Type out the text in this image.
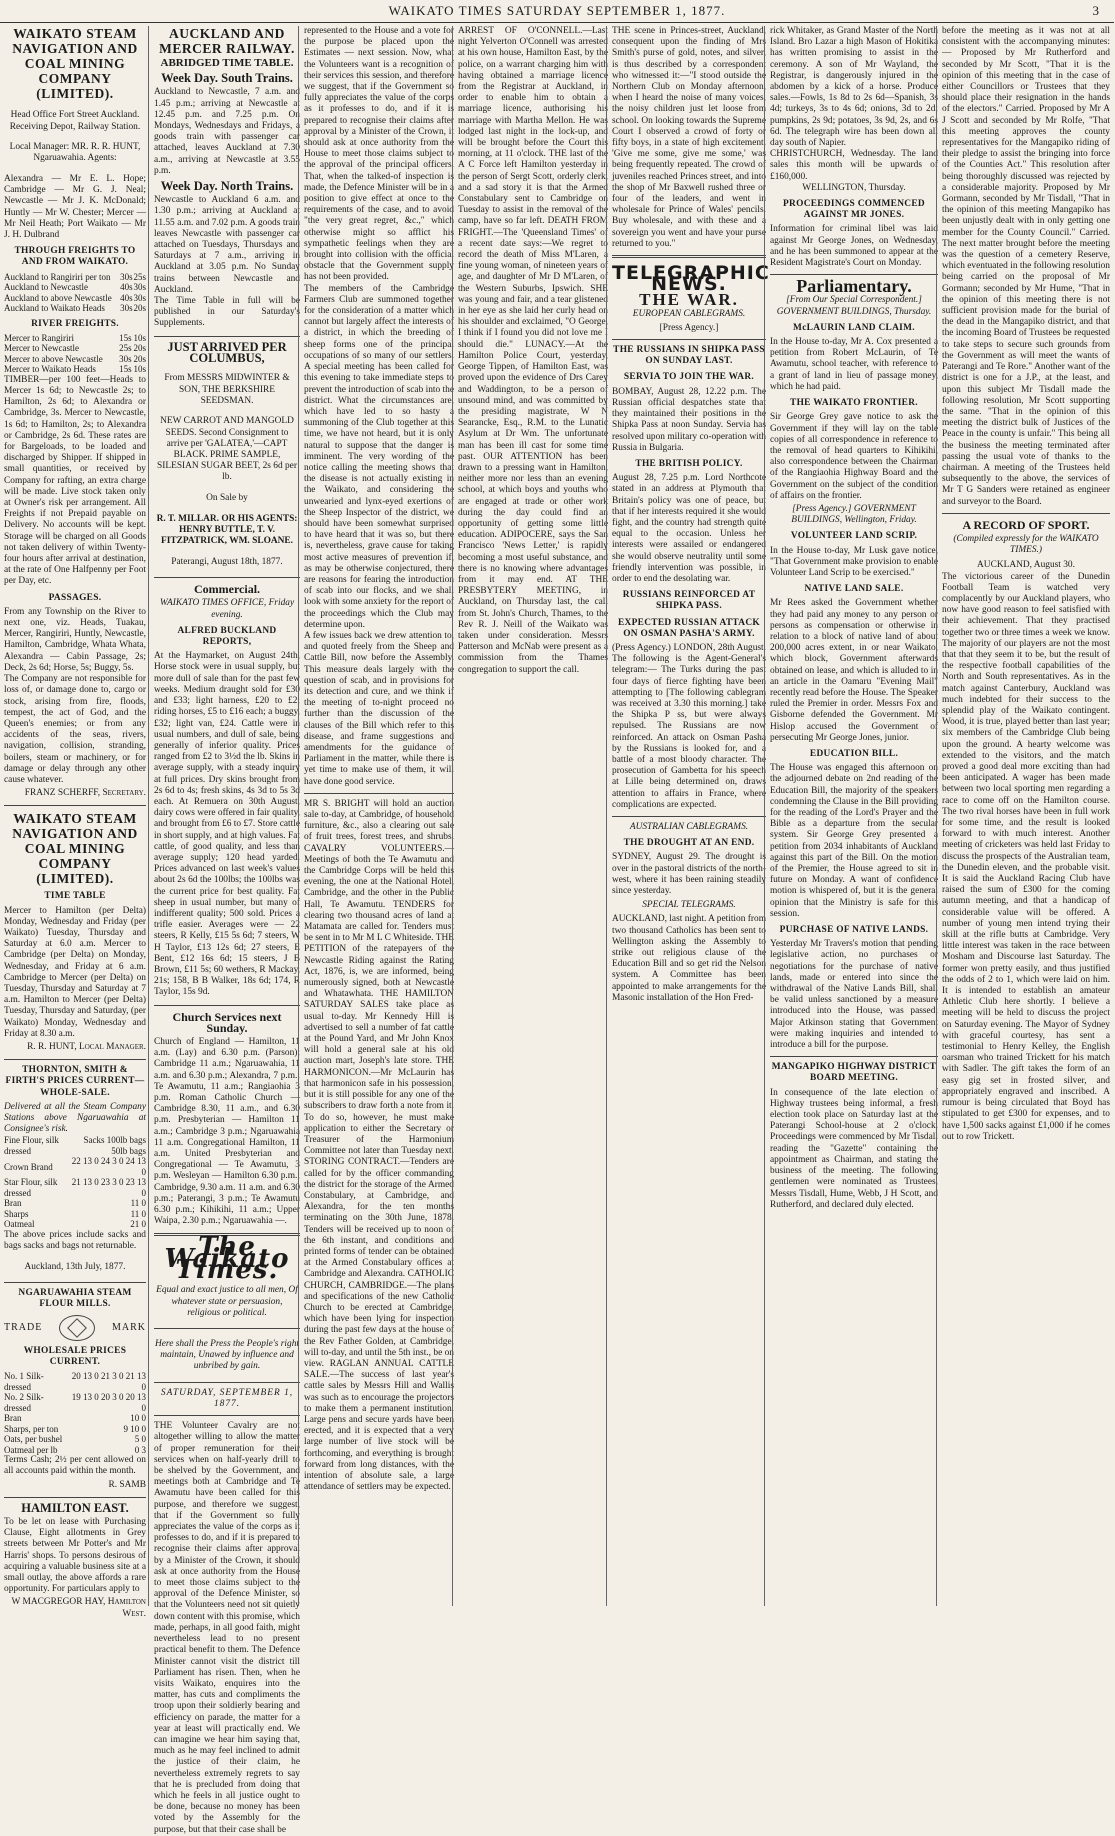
WAIKATO TIMES SATURDAY SEPTEMBER 1, 1877.	3
WAIKATO STEAM NAVIGATION AND COAL MINING COMPANY (LIMITED).

Head Office Fort Street Auckland. Receiving Depot, Railway Station.

Local Manager: MR. R. R. HUNT, Ngaruawahia. Agents:

Alexandra — Mr E. L. Hope; Cambridge — Mr G. J. Neal; Newcastle — Mr J. K. McDonald; Huntly — Mr W. Chester; Mercer — Mr Neil Heath; Port Waikato — Mr J. H. Dulbrand

THROUGH FREIGHTS TO AND FROM WAIKATO.
Auckland to Rangiriri per ton	30s	25s
Auckland to Newcastle	40s	30s
Auckland to above Newcastle	40s	30s
Auckland to Waikato Heads	30s	20s
RIVER FREIGHTS.
Mercer to Rangiriri	15s	10s
Mercer to Newcastle	25s	20s
Mercer to above Newcastle	30s	20s
Mercer to Waikato Heads	15s	10s

TIMBER—per 100 feet—Heads to Mercer 1s 6d; to Newcastle 2s; to Hamilton, 2s 6d; to Alexandra or Cambridge, 3s. Mercer to Newcastle, 1s 6d; to Hamilton, 2s; to Alexandra or Cambridge, 2s 6d. These rates are for Bargeloads, to be loaded and discharged by Shipper. If shipped in small quantities, or received by Company for rafting, an extra charge will be made. Live stock taken only at Owner's risk per arrangement. All Freights if not Prepaid payable on Delivery. No accounts will be kept. Storage will be charged on all Goods not taken delivery of within Twenty-four hours after arrival at destination, at the rate of One Halfpenny per Foot per Day, etc.

PASSAGES.

From any Township on the River to next one, viz. Heads, Tuakau, Mercer, Rangiriri, Huntly, Newcastle, Hamilton, Cambridge, Whata Whata, Alexandra — Cabin Passage, 2s; Deck, 2s 6d; Horse, 5s; Buggy, 5s.

The Company are not responsible for loss of, or damage done to, cargo or stock, arising from fire, floods, tempest, the act of God, and the Queen's enemies; or from any accidents of the seas, rivers, navigation, collision, stranding, boilers, steam or machinery, or for damage or delay through any other cause whatever.

FRANZ SCHERFF, Secretary.
WAIKATO STEAM NAVIGATION AND COAL MINING COMPANY (LIMITED).
TIME TABLE

Mercer to Hamilton (per Delta) Monday, Wednesday and Friday (per Waikato) Tuesday, Thursday and Saturday at 6.0 a.m. Mercer to Cambridge (per Delta) on Monday, Wednesday, and Friday at 6 a.m. Cambridge to Mercer (per Delta) on Tuesday, Thursday and Saturday at 7 a.m. Hamilton to Mercer (per Delta) Tuesday, Thursday and Saturday, (per Waikato) Monday, Wednesday and Friday at 8.30 a.m.

R. R. HUNT, Local Manager.
THORNTON, SMITH & FIRTH'S PRICES CURRENT—WHOLE-SALE.

Delivered at all the Steam Company Stations above Ngaruawahia at Consignee's risk.

Fine Flour, silk dressed	Sacks 100lb bags 50lb bags
Crown Brand	22 13 0 24 3 0 24 13 0
Star Flour, silk dressed	21 13 0 23 3 0 23 13 0
Bran	11 0
Sharps	11 0
Oatmeal	21 0

The above prices include sacks and bags sacks and bags not returnable.

Auckland, 13th July, 1877.

NGARUAWAHIA STEAM FLOUR MILLS.
TRADE	MARK
WHOLESALE PRICES CURRENT.
No. 1 Silk-dressed	20 13 0 21 3 0 21 13 0
No. 2 Silk-dressed	19 13 0 20 3 0 20 13 0
Bran	10 0
Sharps, per ton	9 10 0
Oats, per bushel	5 0
Oatmeal per lb	0 3

Terms Cash; 2½ per cent allowed on all accounts paid within the month.

R. SAMB
HAMILTON EAST.

To be let on lease with Purchasing Clause, Eight allotments in Grey streets between Mr Potter's and Mr Harris' shops. To persons desirous of acquiring a valuable business site at a small outlay, the above affords a rare opportunity. For particulars apply to

W MACGREGOR HAY, Hamilton West.
AUCKLAND AND MERCER RAILWAY.
ABRIDGED TIME TABLE.
Week Day. South Trains.

Auckland to Newcastle, 7 a.m. and 1.45 p.m.; arriving at Newcastle at 12.45 p.m. and 7.25 p.m. On Mondays, Wednesdays and Fridays, a goods train with passenger car attached, leaves Auckland at 7.30 a.m., arriving at Newcastle at 3.55 p.m.

Week Day. North Trains.

Newcastle to Auckland 6 a.m. and 1.30 p.m.; arriving at Auckland at 11.55 a.m. and 7.02 p.m. A goods train leaves Newcastle with passenger car attached on Tuesdays, Thursdays and Saturdays at 7 a.m., arriving in Auckland at 3.05 p.m. No Sunday trains between Newcastle and Auckland.

The Time Table in full will be published in our Saturday's Supplements.

JUST ARRIVED PER COLUMBUS,

From MESSRS MIDWINTER & SON, THE BERKSHIRE SEEDSMAN.

NEW CARROT AND MANGOLD SEEDS. Second Consignment to arrive per 'GALATEA,'—CAPT BLACK. PRIME SAMPLE, SILESIAN SUGAR BEET, 2s 6d per lb.

On Sale by

R. T. MILLAR. OR HIS AGENTS: HENRY BUTTLE, T. V. FITZPATRICK, WM. SLOANE.

Paterangi, August 18th, 1877.

Commercial.
WAIKATO TIMES OFFICE, Friday evening.
ALFRED BUCKLAND REPORTS,

At the Haymarket, on August 24th, Horse stock were in usual supply, but more dull of sale than for the past few weeks. Medium draught sold for £30 and £33; light harness, £20 to £2; riding horses, £5 to £16 each; a buggy, £32; light van, £24. Cattle were in usual numbers, and dull of sale, being generally of inferior quality. Prices ranged from £2 to 3½d the lb. Skins in average supply, with a steady inquiry at full prices. Dry skins brought from 2s 6d to 4s; fresh skins, 4s 3d to 5s 3d each. At Remuera on 30th August, dairy cows were offered in fair quality, and brought from £6 to £7. Store cattle in short supply, and at high values. Fat cattle, of good quality, and less than average supply; 120 head yarded. Prices advanced on last week's values about 2s 6d the 100lbs; the 100lbs was the current price for best quality. Fat sheep in usual number, but many of indifferent quality; 500 sold. Prices a trifle easier. Averages were — 22 steers, R Kelly, £15 5s 6d; 7 steers, W H Taylor, £13 12s 6d; 27 steers, E Bent, £12 16s 6d; 15 steers, J B Brown, £11 5s; 60 wethers, R Mackay, 21s; 158, B B Walker, 18s 6d; 174, R Taylor, 15s 9d.

Church Services next Sunday.

Church of England — Hamilton, 11 a.m. (Lay) and 6.30 p.m. (Parson); Cambridge 11 a.m.; Ngaruawahia, 11 a.m. and 6.30 p.m.; Alexandra, 7 p.m.; Te Awamutu, 11 a.m.; Rangiaohia 3 p.m. Roman Catholic Church — Cambridge 8.30, 11 a.m., and 6.30 p.m. Presbyterian — Hamilton 11 a.m.; Cambridge 3 p.m.; Ngaruawahia 11 a.m. Congregational Hamilton, 11 a.m. United Presbyterian and Congregational — Te Awamutu, 3 p.m. Wesleyan — Hamilton 6.30 p.m.; Cambridge, 9.30 a.m. 11 a.m. and 6.30 p.m.; Paterangi, 3 p.m.; Te Awamutu 6.30 p.m.; Kihikihi, 11 a.m.; Upper Waipa, 2.30 p.m.; Ngaruawahia —.

The Waikato Times.

Equal and exact justice to all men, Of whatever state or persuasion, religious or political.

Here shall the Press the People's right maintain, Unawed by influence and unbribed by gain.

SATURDAY, SEPTEMBER 1, 1877.

THE Volunteer Cavalry are not altogether willing to allow the matter of proper remuneration for their services when on half-yearly drill to be shelved by the Government, and meetings both at Cambridge and Te Awamutu have been called for this purpose, and therefore we suggest, that if the Government so fully appreciates the value of the corps as it professes to do, and if it is prepared to recognise their claims after approval by a Minister of the Crown, it should ask at once authority from the House to meet those claims subject to the approval of the Defence Minister, so that the Volunteers need not sit quietly down content with this promise, which made, perhaps, in all good faith, might nevertheless lead to no present practical benefit to them. The Defence Minister cannot visit the district till Parliament has risen. Then, when he visits Waikato, enquires into the matter, has cuts and compliments the troop upon their soldierly bearing and efficiency on parade, the matter for a year at least will practically end. We can imagine we hear him saying that, much as he may feel inclined to admit the justice of their claim, he nevertheless extremely regrets to say that he is precluded from doing that which he feels in all justice ought to be done, because no money has been voted by the Assembly for the purpose, but that their case shall be

represented to the House and a vote for the purpose be placed upon the Estimates — next session. Now, what the Volunteers want is a recognition of their services this session, and therefore we suggest, that if the Government so fully appreciates the value of the corps as it professes to do, and if it is prepared to recognise their claims after approval by a Minister of the Crown, it should ask at once authority from the House to meet those claims subject to the approval of the principal officers. That, when the talked-of inspection is made, the Defence Minister will be in a position to give effect at once to the requirements of the case, and to avoid "the very great regret, &c.," which otherwise might so afflict his sympathetic feelings when they are brought into collision with the official obstacle that the Government supply has not been provided.

The members of the Cambridge Farmers Club are summoned together for the consideration of a matter which cannot but largely affect the interests of a district, in which the breeding of sheep forms one of the principal occupations of so many of our settlers. A special meeting has been called for this evening to take immediate steps to prevent the introduction of scab into the district. What the circumstances are, which have led to so hasty a summoning of the Club together at this time, we have not heard, but it is only natural to suppose that the danger is imminent. The very wording of the notice calling the meeting shows that the disease is not actually existing in the Waikato, and considering the unwearied and lynx-eyed exertions of the Sheep Inspector of the district, we should have been somewhat surprised to have heard that it was so, but there is, nevertheless, grave cause for taking most active measures of prevention if, as may be otherwise conjectured, there are reasons for fearing the introduction of scab into our flocks, and we shall look with some anxiety for the report of the proceedings which the Club may determine upon.

A few issues back we drew attention to, and quoted freely from the Sheep and Cattle Bill, now before the Assembly. This measure deals largely with the question of scab, and in provisions for its detection and cure, and we think if the meeting of to-night proceed no further than the discussion of the clauses of the Bill which refer to this disease, and frame suggestions and amendments for the guidance of Parliament in the matter, while there is yet time to make use of them, it will have done good service.

MR S. BRIGHT will hold an auction sale to-day, at Cambridge, of household furniture, &c., also a clearing out sale of fruit trees, forest trees, and shrubs. CAVALRY VOLUNTEERS.—Meetings of both the Te Awamutu and the Cambridge Corps will be held this evening, the one at the National Hotel, Cambridge, and the other in the Public Hall, Te Awamutu. TENDERS for clearing two thousand acres of land at Matamata are called for. Tenders must be sent in to Mr M L C Whiteside. THE PETITION of the ratepayers of the Newcastle Riding against the Rating Act, 1876, is, we are informed, being numerously signed, both at Newcastle and Whatawhata. THE HAMILTON SATURDAY SALES take place as usual to-day. Mr Kennedy Hill is advertised to sell a number of fat cattle at the Pound Yard, and Mr John Knox will hold a general sale at his old auction mart, Joseph's late store. THE HARMONICON.—Mr McLaurin has that harmonicon safe in his possession, but it is still possible for any one of the subscribers to draw forth a note from it. To do so, however, he must make application to either the Secretary or Treasurer of the Harmonium Committee not later than Tuesday next. STORING CONTRACT.—Tenders are called for by the officer commanding the district for the storage of the Armed Constabulary, at Cambridge, and Alexandra, for the ten months terminating on the 30th June, 1878. Tenders will be received up to noon of the 6th instant, and conditions and printed forms of tender can be obtained at the Armed Constabulary offices at Cambridge and Alexandra. CATHOLIC CHURCH, CAMBRIDGE.—The plans and specifications of the new Catholic Church to be erected at Cambridge, which have been lying for inspection during the past few days at the house of the Rev Father Golden, at Cambridge, will to-day, and until the 5th inst., be on view. RAGLAN ANNUAL CATTLE SALE.—The success of last year's cattle sales by Messrs Hill and Wallis was such as to encourage the projectors to make them a permanent institution. Large pens and secure yards have been erected, and it is expected that a very large number of live stock will be forthcoming, and everything is brought forward from long distances, with the intention of absolute sale, a large attendance of settlers may be expected.

ARREST OF O'CONNELL.—Last night Yelverton O'Connell was arrested at his own house, Hamilton East, by the police, on a warrant charging him with having obtained a marriage licence from the Registrar at Auckland, in order to enable him to obtain a marriage licence, authorising his marriage with Martha Mellon. He was lodged last night in the lock-up, and will be brought before the Court this morning, at 11 o'clock. THE last of the A C Force left Hamilton yesterday in the person of Sergt Scott, orderly clerk, and a sad story it is that the Armed Constabulary sent to Cambridge on Tuesday to assist in the removal of the camp, have so far left. DEATH FROM FRIGHT.—The 'Queensland Times' of a recent date says:—We regret to record the death of Miss M'Laren, a fine young woman, of nineteen years of age, and daughter of Mr D M'Laren, of the Western Suburbs, Ipswich. SHE was young and fair, and a tear glistened in her eye as she laid her curly head on his shoulder and exclaimed, "O George, I think if I found you did not love me I should die." LUNACY.—At the Hamilton Police Court, yesterday, George Tippen, of Hamilton East, was proved upon the evidence of Drs Carey and Waddington, to be a person of unsound mind, and was committed by the presiding magistrate, W N Searancke, Esq., R.M. to the Lunatic Asylum at Dr Wm. The unfortunate man has been ill cast for some time past. OUR ATTENTION has been drawn to a pressing want in Hamilton, neither more nor less than an evening school, at which boys and youths who are engaged at trade or other work during the day could find an opportunity of getting some little education. ADIPOCERE, says the San Francisco 'News Letter,' is rapidly becoming a most useful substance, and there is no knowing where advantages from it may end. AT THE PRESBYTERY MEETING, in Auckland, on Thursday last, the call from St. John's Church, Thames, to the Rev R. J. Neill of the Waikato was taken under consideration. Messrs Patterson and McNab were present as a commission from the Thames congregation to support the call.

THE scene in Princes-street, Auckland, consequent upon the finding of Mrs Smith's purse of gold, notes, and silver, is thus described by a correspondent who witnessed it:—"I stood outside the Northern Club on Monday afternoon, when I heard the noise of many voices, the noisy children just let loose from school. On looking towards the Supreme Court I observed a crowd of forty or fifty boys, in a state of high excitement. 'Give me some, give me some,' was being frequently repeated. The crowd of juveniles reached Princes street, and into the shop of Mr Baxwell rushed three or four of the leaders, and went in wholesale for Prince of Wales' pencils. Buy wholesale, and with these and a sovereign you went and have your purse returned to you."

TELEGRAPHIC NEWS.
THE WAR.
EUROPEAN CABLEGRAMS.
[Press Agency.]
THE RUSSIANS IN SHIPKA PASS ON SUNDAY LAST.
SERVIA TO JOIN THE WAR.

BOMBAY, August 28, 12.22 p.m. The Russian official despatches state that they maintained their positions in the Shipka Pass at noon Sunday. Servia has resolved upon military co-operation with Russia in Bulgaria.

THE BRITISH POLICY.

August 28, 7.25 p.m. Lord Northcote stated in an address at Plymouth that Britain's policy was one of peace, but that if her interests required it she would fight, and the country had strength quite equal to the occasion. Unless her interests were assailed or endangered she would observe neutrality until some friendly intervention was possible, in order to end the desolating war.

RUSSIANS REINFORCED AT SHIPKA PASS.
EXPECTED RUSSIAN ATTACK ON OSMAN PASHA'S ARMY.

(Press Agency.) LONDON, 28th August. The following is the Agent-General's telegram:— The Turks during the past four days of fierce fighting have been attempting to [The following cablegram was received at 3.30 this morning.] take the Shipka P ss, but were always repulsed. The Russians are now reinforced. An attack on Osman Pasha by the Russians is looked for, and a battle of a most bloody character. The prosecution of Gambetta for his speech at Lille being determined on, draws attention to affairs in France, where complications are expected.

AUSTRALIAN CABLEGRAMS.
THE DROUGHT AT AN END.

SYDNEY, August 29. The drought is over in the pastoral districts of the north-west, where it has been raining steadily since yesterday.

SPECIAL TELEGRAMS.

AUCKLAND, last night. A petition from two thousand Catholics has been sent to Wellington asking the Assembly to strike out religious clause of the Education Bill and so get rid the Nelson system. A Committee has been appointed to make arrangements for the Masonic installation of the Hon Fred-

rick Whitaker, as Grand Master of the North Island. Bro Lazar a high Mason of Hokitika has written promising to assist in the ceremony. A son of Mr Wayland, the Registrar, is dangerously injured in the abdomen by a kick of a horse. Produce sales.—Fowls, 1s 8d to 2s 6d—Spanish, 3s 4d; turkeys, 3s to 4s 6d; onions, 3d to 2d; pumpkins, 2s 9d; potatoes, 3s 9d, 2s, and 6s 6d. The telegraph wire has been down all day south of Napier.

CHRISTCHURCH, Wednesday. The land sales this month will be upwards of £160,000.

WELLINGTON, Thursday.
PROCEEDINGS COMMENCED AGAINST MR JONES.

Information for criminal libel was laid against Mr George Jones, on Wednesday, and he has been summoned to appear at the Resident Magistrate's Court on Monday.

Parliamentary.
[From Our Special Correspondent.] GOVERNMENT BUILDINGS, Thursday.
McLAURIN LAND CLAIM.

In the House to-day, Mr A. Cox presented a petition from Robert McLaurin, of Te Awamutu, school teacher, with reference to a grant of land in lieu of passage money, which he had paid.

THE WAIKATO FRONTIER.

Sir George Grey gave notice to ask the Government if they will lay on the table copies of all correspondence in reference to the removal of head quarters to Kihikihi, also correspondence between the Chairman of the Rangiaohia Highway Board and the Government on the subject of the condition of affairs on the frontier.

[Press Agency.] GOVERNMENT BUILDINGS, Wellington, Friday.
VOLUNTEER LAND SCRIP.

In the House to-day, Mr Lusk gave notice, "That Government make provision to enable Volunteer Land Scrip to be exercised."

NATIVE LAND SALE.

Mr Rees asked the Government whether they had paid any money to any person or persons as compensation or otherwise in relation to a block of native land of about 200,000 acres extent, in or near Waikato, which block, Government afterwards obtained on lease, and which is alluded to in an article in the Oamaru "Evening Mail" recently read before the House. The Speaker ruled the Premier in order. Messrs Fox and Gisborne defended the Government. Mr Hislop accused the Government of persecuting Mr George Jones, junior.

EDUCATION BILL.

The House was engaged this afternoon on the adjourned debate on 2nd reading of the Education Bill, the majority of the speakers condemning the Clause in the Bill providing for the reading of the Lord's Prayer and the Bible as a departure from the secular system. Sir George Grey presented a petition from 2034 inhabitants of Auckland against this part of the Bill. On the motion of the Premier, the House agreed to sit in future on Monday. A want of confidence motion is whispered of, but it is the general opinion that the Ministry is safe for this session.

PURCHASE OF NATIVE LANDS.

Yesterday Mr Travers's motion that pending legislative action, no purchases or negotiations for the purchase of native lands, made or entered into since the withdrawal of the Native Lands Bill, shall be valid unless sanctioned by a measure introduced into the House, was passed; Major Atkinson stating that Government were making inquiries and intended to introduce a bill for the purpose.

MANGAPIKO HIGHWAY DISTRICT BOARD MEETING.

In consequence of the late election of Highway trustees being informal, a fresh election took place on Saturday last at the Paterangi School-house at 2 o'clock. Proceedings were commenced by Mr Tisdall reading the "Gazette" containing the appointment as Chairman, and stating the business of the meeting. The following gentlemen were nominated as Trustees, Messrs Tisdall, Hume, Webb, J H Scott, and Rutherford, and declared duly elected.

before the meeting as it was not at all consistent with the accompanying minutes: — Proposed by Mr Rutherford and seconded by Mr Scott, "That it is the opinion of this meeting that in the case of either Councillors or Trustees that they should place their resignation in the hands of the electors." Carried. Proposed by Mr A J Scott and seconded by Mr Rolfe, "That this meeting approves the county representatives for the Mangapiko riding of their pledge to assist the bringing into force of the Counties Act." This resolution after being thoroughly discussed was rejected by a considerable majority. Proposed by Mr Gormann, seconded by Mr Tisdall, "That in the opinion of this meeting Mangapiko has been unjustly dealt with in only getting one member for the County Council." Carried. The next matter brought before the meeting was the question of a cemetery Reserve, which eventuated in the following resolution being carried on the proposal of Mr Gormann; seconded by Mr Hume, "That in the opinion of this meeting there is not sufficient provision made for the burial of the dead in the Mangapiko district, and that the incoming Board of Trustees be requested to take steps to secure such grounds from the Government as will meet the wants of Paterangi and Te Rore." Another want of the district is one for a J.P., at the least, and upon this subject Mr Tisdall made the following resolution, Mr Scott supporting the same. "That in the opinion of this meeting the district bulk of Justices of the Peace in the county is unfair." This being all the business the meeting terminated after passing the usual vote of thanks to the chairman. A meeting of the Trustees held subsequently to the above, the services of Mr T G Sanders were retained as engineer and surveyor to the Board.

A RECORD OF SPORT.
(Compiled expressly for the WAIKATO TIMES.)
AUCKLAND, August 30.

The victorious career of the Dunedin Football Team is watched very complacently by our Auckland players, who now have good reason to feel satisfied with their achievement. That they practised together two or three times a week we know. The majority of our players are not the most that that they seem it to be, but the result of the respective football capabilities of the North and South representatives. As in the match against Canterbury, Auckland was much indebted for their success to the splendid play of the Waikato contingent. Wood, it is true, played better than last year; six members of the Cambridge Club being upon the ground. A hearty welcome was extended to the visitors, and the match proved a good deal more exciting than had been anticipated. A wager has been made between two local sporting men regarding a race to come off on the Hamilton course. The two rival horses have been in full work for some time, and the result is looked forward to with much interest. Another meeting of cricketers was held last Friday to discuss the prospects of the Australian team, the Dunedin eleven, and the probable visit. It is said the Auckland Racing Club have raised the sum of £300 for the coming autumn meeting, and that a handicap of considerable value will be offered. A number of young men intend trying their skill at the rifle butts at Cambridge. Very little interest was taken in the race between Mosham and Discourse last Saturday. The former won pretty easily, and thus justified the odds of 2 to 1, which were laid on him. It is intended to establish an amateur Athletic Club here shortly. I believe a meeting will be held to discuss the project on Saturday evening. The Mayor of Sydney with graceful courtesy, has sent a testimonial to Henry Kelley, the English oarsman who trained Trickett for his match with Sadler. The gift takes the form of an easy gig set in frosted silver, and appropriately engraved and inscribed. A rumour is being circulated that Boyd has stipulated to get £300 for expenses, and to have 1,500 sacks against £1,000 if he comes out to row Trickett.
